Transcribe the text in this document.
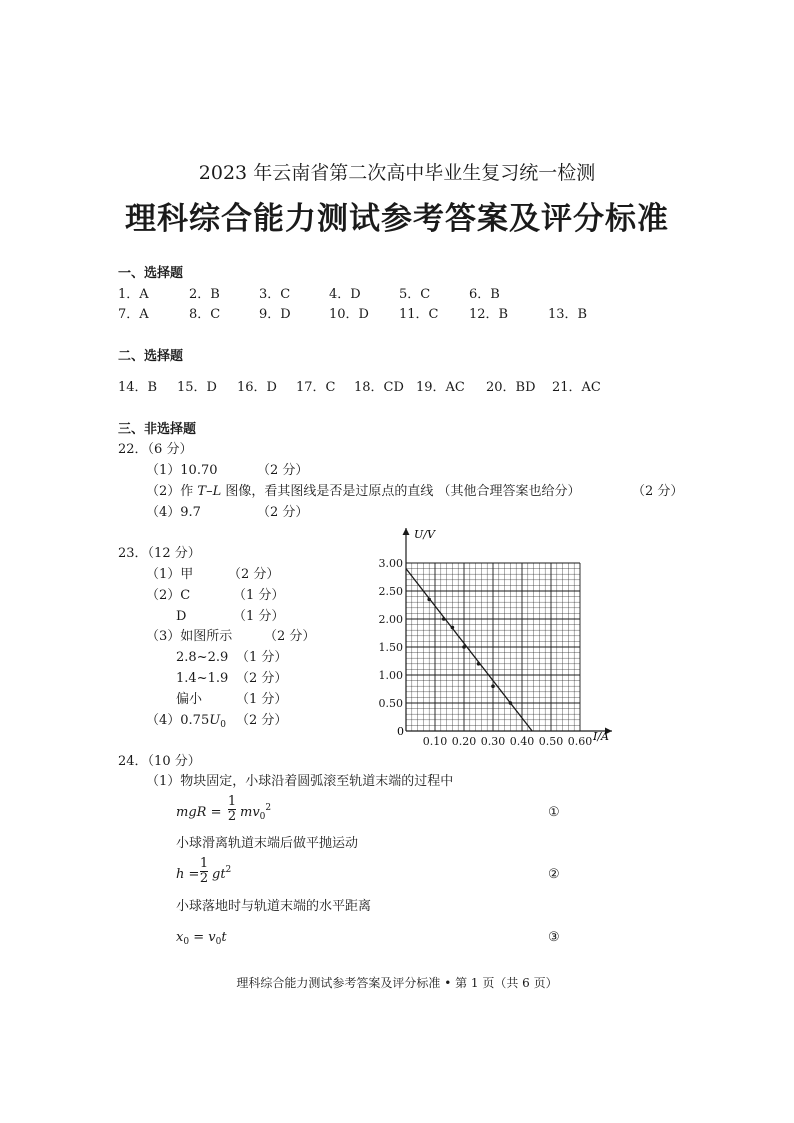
2023 年云南省第二次高中毕业生复习统一检测
理科综合能力测试参考答案及评分标准
一、选择题
1．A	2．B	3．C	4．D	5．C	6．B
7．A	8．C	9．D	10．D 11．C 12．B	13．B
二、选择题
14．B 15．D 16．D 17．C 18．CD 19．AC 20．BD 21．AC
三、非选择题
22．（6 分）
（1）10.70	（2 分）
（2）作 T–L 图像，看其图线是否是过原点的直线 （其他合理答案也给分）	（2 分）
（4）9.7	（2 分）
23．（12 分）
（1）甲	（2 分）
（2）C	（1 分）
D	（1 分）
（3）如图所示 （2 分）
2.8~2.9 （1 分）
1.4~1.9 （2 分）
偏小	（1 分）
$(4)0.75U_0$ （2 分）
0.10 0.20 0.30 0.40 0.50 0.60
0.50
1.00
1.50
2.00
2.50
3.00
U/V
I/A
0
24．（10 分）
（1）物块固定，小球沿着圆弧滚至轨道末端的过程中
mgR =
1
2 $mv_0^2$	①
小球滑离轨道末端后做平抛运动
h =
1
2 $gt^2$	②
小球落地时与轨道末端的水平距离
$x_0 = v_0t$	③
理科综合能力测试参考答案及评分标准 • 第 1 页（共 6 页）
